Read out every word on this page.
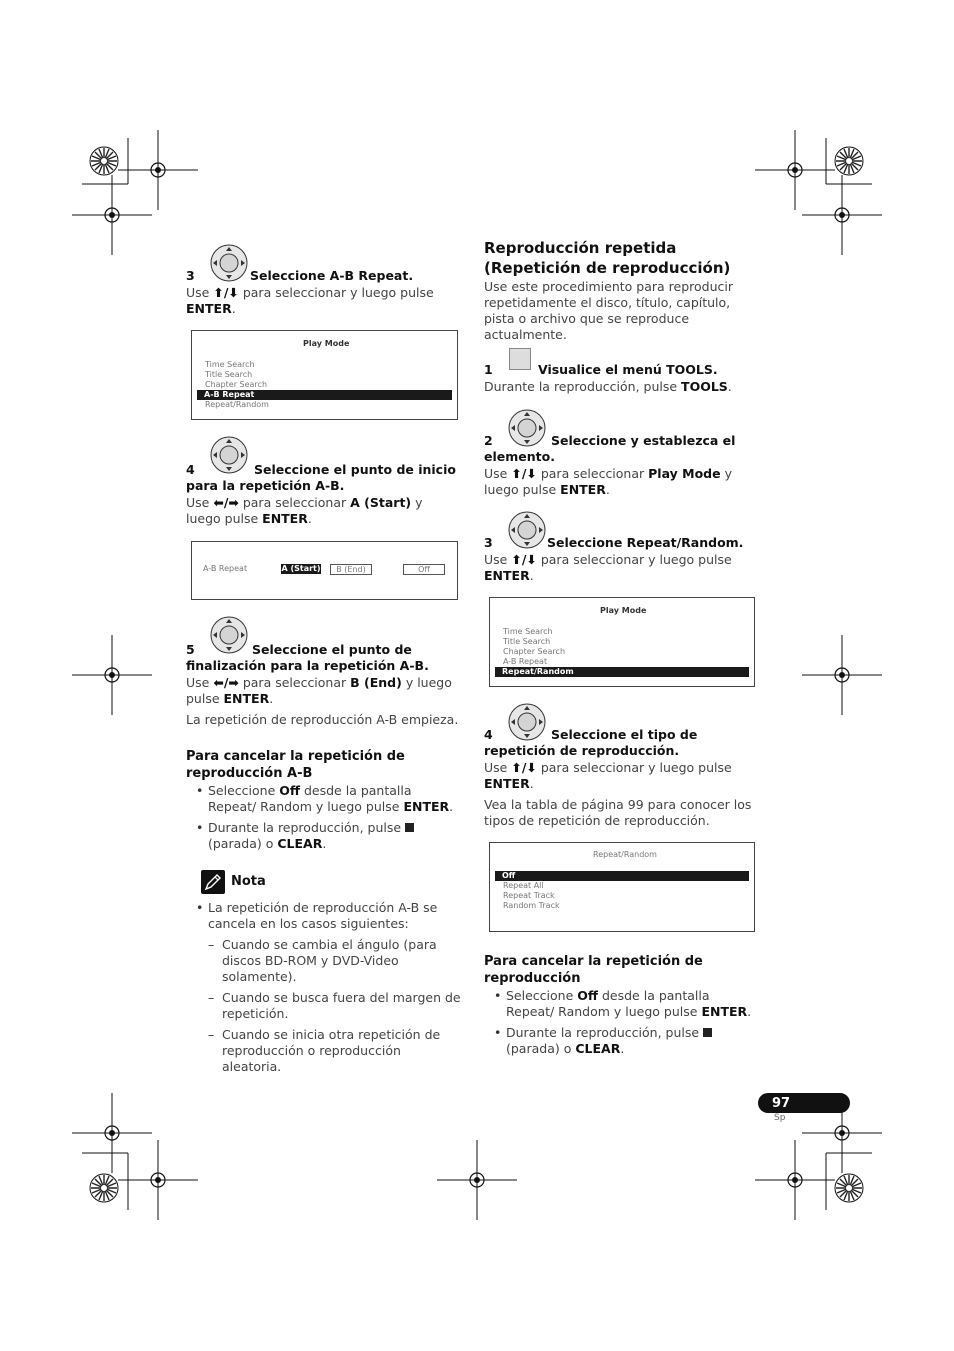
3	Seleccione A-B Repeat.
Use ⬆/⬇ para seleccionar y luego pulse
ENTER.
Play Mode
Time Search
Title Search
Chapter Search
A-B Repeat
Repeat/Random
4	Seleccione el punto de inicio para la repetición A-B.
Use ⬅/➡ para seleccionar A (Start) y luego pulse ENTER.
A-B Repeat	A (Start)	B (End)	Off
5	Seleccione el punto de finalización para la repetición A-B.
Use ⬅/➡ para seleccionar B (End) y luego pulse ENTER.
La repetición de reproducción A-B empieza.
Para cancelar la repetición de reproducción A-B
• Seleccione Off desde la pantalla Repeat/ Random y luego pulse ENTER.
• Durante la reproducción, pulse  (parada) o CLEAR.
Nota
• La repetición de reproducción A-B se cancela en los casos siguientes:
– Cuando se cambia el ángulo (para discos BD-ROM y DVD-Video solamente).
– Cuando se busca fuera del margen de repetición.
– Cuando se inicia otra repetición de reproducción o reproducción aleatoria.
Reproducción repetida (Repetición de reproducción)
Use este procedimiento para reproducir repetidamente el disco, título, capítulo, pista o archivo que se reproduce actualmente.
1	Visualice el menú TOOLS.
Durante la reproducción, pulse TOOLS.
2	Seleccione y establezca el elemento.
Use ⬆/⬇ para seleccionar Play Mode y luego pulse ENTER.
3	Seleccione Repeat/Random.
Use ⬆/⬇ para seleccionar y luego pulse
ENTER.
Play Mode
Time Search
Title Search
Chapter Search
A-B Repeat
Repeat/Random
4	Seleccione el tipo de repetición de reproducción.
Use ⬆/⬇ para seleccionar y luego pulse
ENTER.
Vea la tabla de página 99 para conocer los tipos de repetición de reproducción.
Repeat/Random
Off
Repeat All
Repeat Track
Random Track
Para cancelar la repetición de reproducción
• Seleccione Off desde la pantalla Repeat/ Random y luego pulse ENTER.
• Durante la reproducción, pulse  (parada) o CLEAR.
97
Sp
